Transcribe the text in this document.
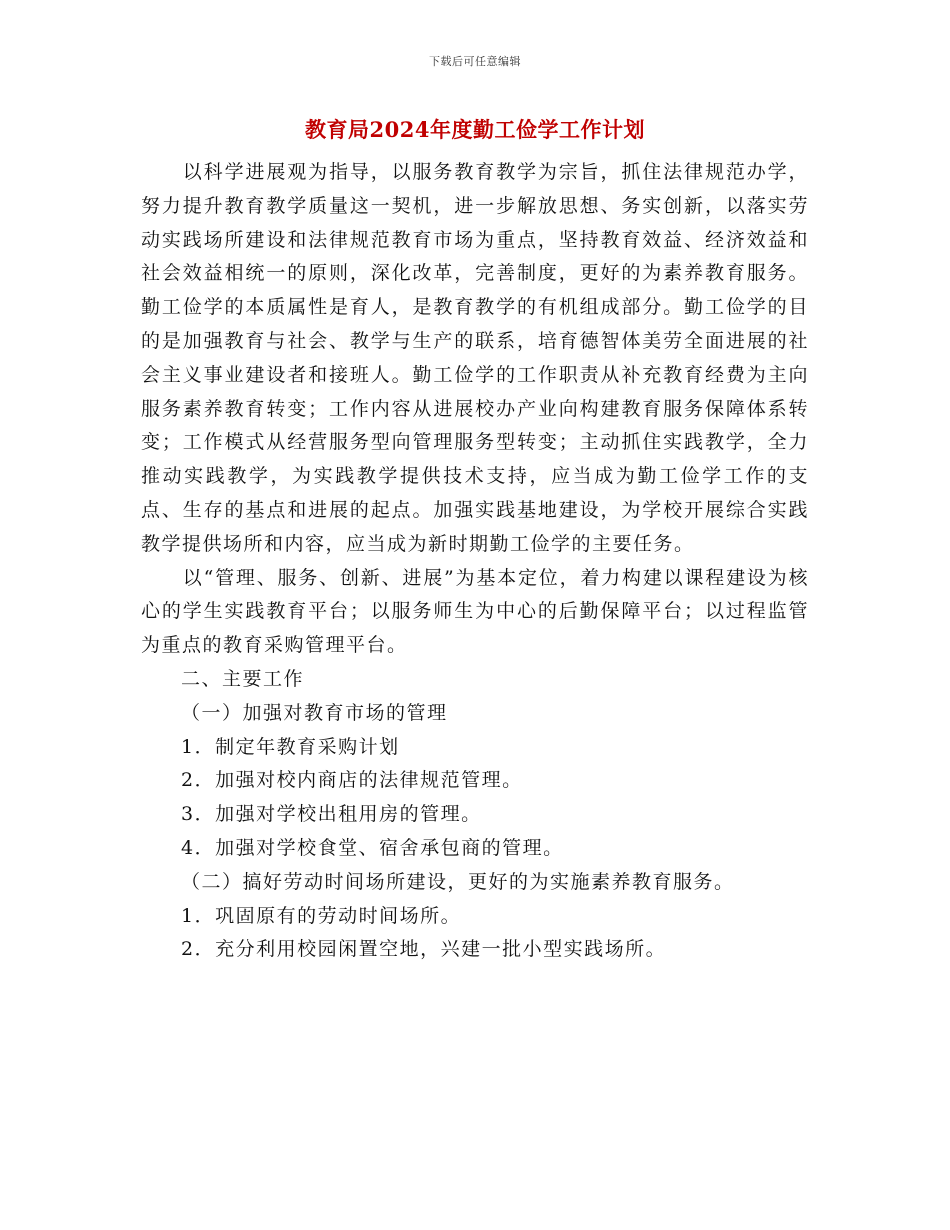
下载后可任意编辑
教育局2024年度勤工俭学工作计划

以科学进展观为指导，以服务教育教学为宗旨，抓住法律规范办学，努力提升教育教学质量这一契机，进一步解放思想、务实创新，以落实劳动实践场所建设和法律规范教育市场为重点，坚持教育效益、经济效益和社会效益相统一的原则，深化改革，完善制度，更好的为素养教育服务。勤工俭学的本质属性是育人，是教育教学的有机组成部分。勤工俭学的目的是加强教育与社会、教学与生产的联系，培育德智体美劳全面进展的社会主义事业建设者和接班人。勤工俭学的工作职责从补充教育经费为主向服务素养教育转变；工作内容从进展校办产业向构建教育服务保障体系转变；工作模式从经营服务型向管理服务型转变；主动抓住实践教学，全力推动实践教学，为实践教学提供技术支持，应当成为勤工俭学工作的支点、生存的基点和进展的起点。加强实践基地建设，为学校开展综合实践教学提供场所和内容，应当成为新时期勤工俭学的主要任务。

以“管理、服务、创新、进展”为基本定位，着力构建以课程建设为核心的学生实践教育平台；以服务师生为中心的后勤保障平台；以过程监管为重点的教育采购管理平台。

二、主要工作

（一）加强对教育市场的管理

1．制定年教育采购计划

2．加强对校内商店的法律规范管理。

3．加强对学校出租用房的管理。

4．加强对学校食堂、宿舍承包商的管理。

（二）搞好劳动时间场所建设，更好的为实施素养教育服务。

1．巩固原有的劳动时间场所。

2．充分利用校园闲置空地，兴建一批小型实践场所。
